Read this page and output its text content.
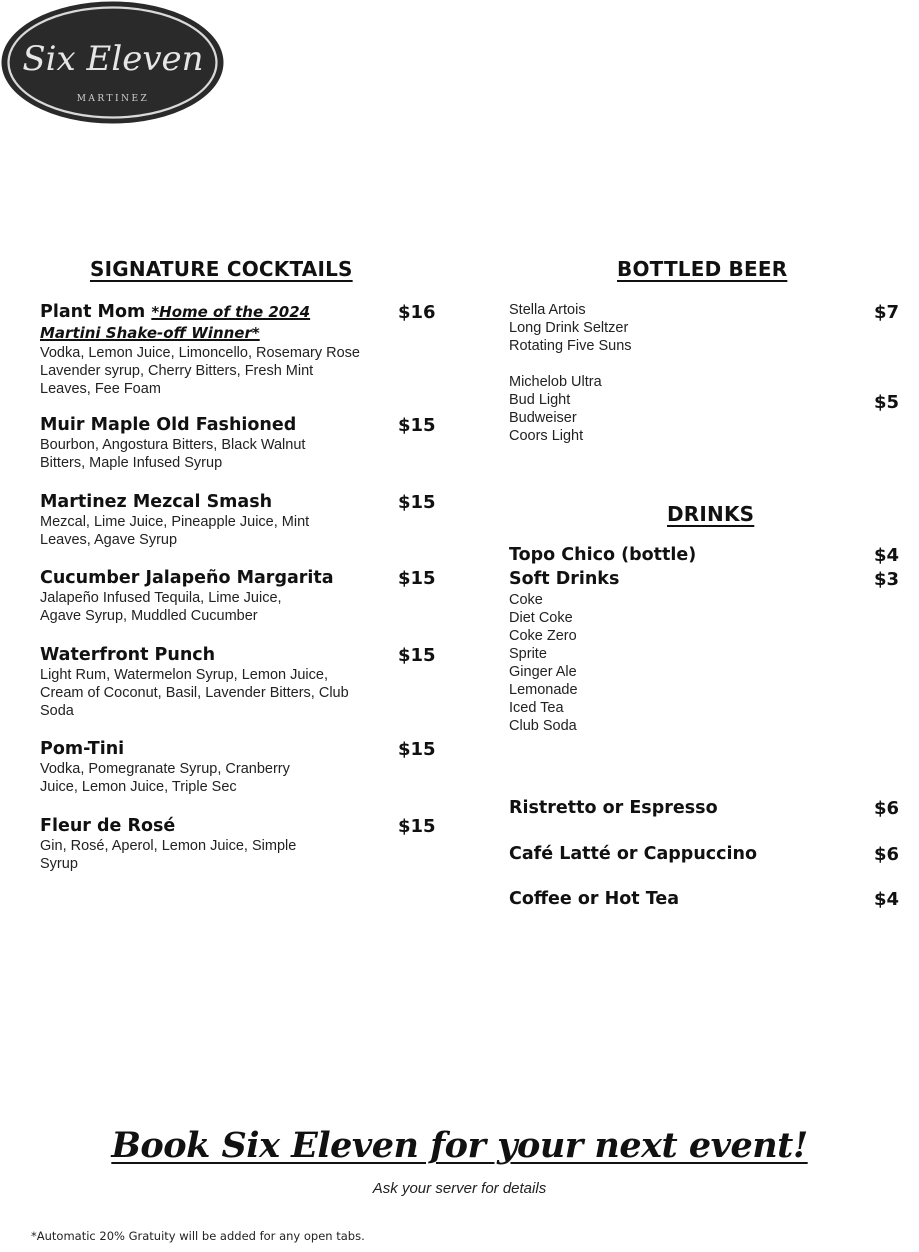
Six Eleven
MARTINEZ
SIGNATURE COCKTAILS
Plant Mom *Home of the 2024
Martini Shake-off Winner*
Vodka, Lemon Juice, Limoncello, Rosemary Rose Lavender syrup, Cherry Bitters, Fresh Mint Leaves, Fee Foam
$16
Muir Maple Old Fashioned
Bourbon, Angostura Bitters, Black Walnut Bitters, Maple Infused Syrup
$15
Martinez Mezcal Smash
Mezcal, Lime Juice, Pineapple Juice, Mint Leaves, Agave Syrup
$15
Cucumber Jalapeño Margarita
Jalapeño Infused Tequila, Lime Juice, Agave Syrup, Muddled Cucumber
$15
Waterfront Punch
Light Rum, Watermelon Syrup, Lemon Juice, Cream of Coconut, Basil, Lavender Bitters, Club Soda
$15
Pom-Tini
Vodka, Pomegranate Syrup, Cranberry Juice, Lemon Juice, Triple Sec
$15
Fleur de Rosé
Gin, Rosé, Aperol, Lemon Juice, Simple Syrup
$15
BOTTLED BEER
Stella Artois
Long Drink Seltzer
Rotating Five Suns
$7
Michelob Ultra
Bud Light
Budweiser
Coors Light
$5
DRINKS
Topo Chico (bottle)	$4
Soft Drinks	$3
Coke
Diet Coke
Coke Zero
Sprite
Ginger Ale
Lemonade
Iced Tea
Club Soda
Ristretto or Espresso	$6
Café Latté or Cappuccino	$6
Coffee or Hot Tea	$4
Book Six Eleven for your next event!
Ask your server for details
*Automatic 20% Gratuity will be added for any open tabs.
